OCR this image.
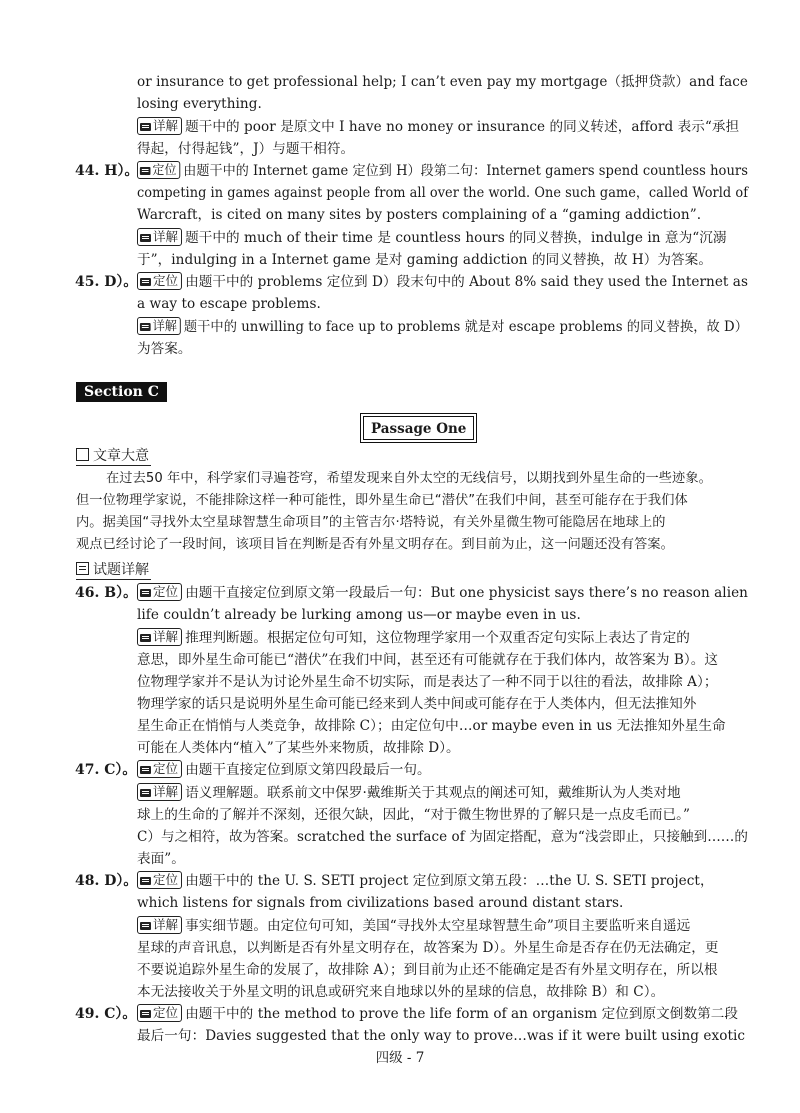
or insurance to get professional help; I can’t even pay my mortgage（抵押贷款）and face
losing everything.
详解 题干中的 poor 是原文中 I have no money or insurance 的同义转述，afford 表示“承担
得起，付得起钱”，J）与题干相符。
44. H）。	定位 由题干中的 Internet game 定位到 H）段第二句：Internet gamers spend countless hours
competing in games against people from all over the world. One such game，called World of
Warcraft，is cited on many sites by posters complaining of a “gaming addiction”.
详解 题干中的 much of their time 是 countless hours 的同义替换，indulge in 意为“沉溺
于”，indulging in a Internet game 是对 gaming addiction 的同义替换，故 H）为答案。
45. D）。	定位 由题干中的 problems 定位到 D）段末句中的 About 8% said they used the Internet as
a way to escape problems.
详解 题干中的 unwilling to face up to problems 就是对 escape problems 的同义替换，故 D）
为答案。
Section C
Passage One
文章大意
在过去50 年中，科学家们寻遍苍穹，希望发现来自外太空的无线信号，以期找到外星生命的一些迹象。
但一位物理学家说，不能排除这样一种可能性，即外星生命已“潜伏”在我们中间，甚至可能存在于我们体
内。据美国“寻找外太空星球智慧生命项目”的主管吉尔·塔特说，有关外星微生物可能隐居在地球上的
观点已经讨论了一段时间，该项目旨在判断是否有外星文明存在。到目前为止，这一问题还没有答案。
试题详解
46. B）。	定位 由题干直接定位到原文第一段最后一句：But one physicist says there’s no reason alien
life couldn’t already be lurking among us—or maybe even in us.
详解 推理判断题。根据定位句可知，这位物理学家用一个双重否定句实际上表达了肯定的
意思，即外星生命可能已“潜伏”在我们中间，甚至还有可能就存在于我们体内，故答案为 B）。这
位物理学家并不是认为讨论外星生命不切实际，而是表达了一种不同于以往的看法，故排除 A）；
物理学家的话只是说明外星生命可能已经来到人类中间或可能存在于人类体内，但无法推知外
星生命正在悄悄与人类竞争，故排除 C）；由定位句中…or maybe even in us 无法推知外星生命
可能在人类体内“植入”了某些外来物质，故排除 D）。
47. C）。	定位 由题干直接定位到原文第四段最后一句。
详解 语义理解题。联系前文中保罗·戴维斯关于其观点的阐述可知，戴维斯认为人类对地
球上的生命的了解并不深刻，还很欠缺，因此，“对于微生物世界的了解只是一点皮毛而已。”
C）与之相符，故为答案。scratched the surface of 为固定搭配，意为“浅尝即止，只接触到……的
表面”。
48. D）。	定位 由题干中的 the U. S. SETI project 定位到原文第五段：…the U. S. SETI project，
which listens for signals from civilizations based around distant stars.
详解 事实细节题。由定位句可知，美国“寻找外太空星球智慧生命”项目主要监听来自遥远
星球的声音讯息，以判断是否有外星文明存在，故答案为 D）。外星生命是否存在仍无法确定，更
不要说追踪外星生命的发展了，故排除 A）；到目前为止还不能确定是否有外星文明存在，所以根
本无法接收关于外星文明的讯息或研究来自地球以外的星球的信息，故排除 B）和 C）。
49. C）。	定位 由题干中的 the method to prove the life form of an organism 定位到原文倒数第二段
最后一句：Davies suggested that the only way to prove…was if it were built using exotic
四级 - 7
